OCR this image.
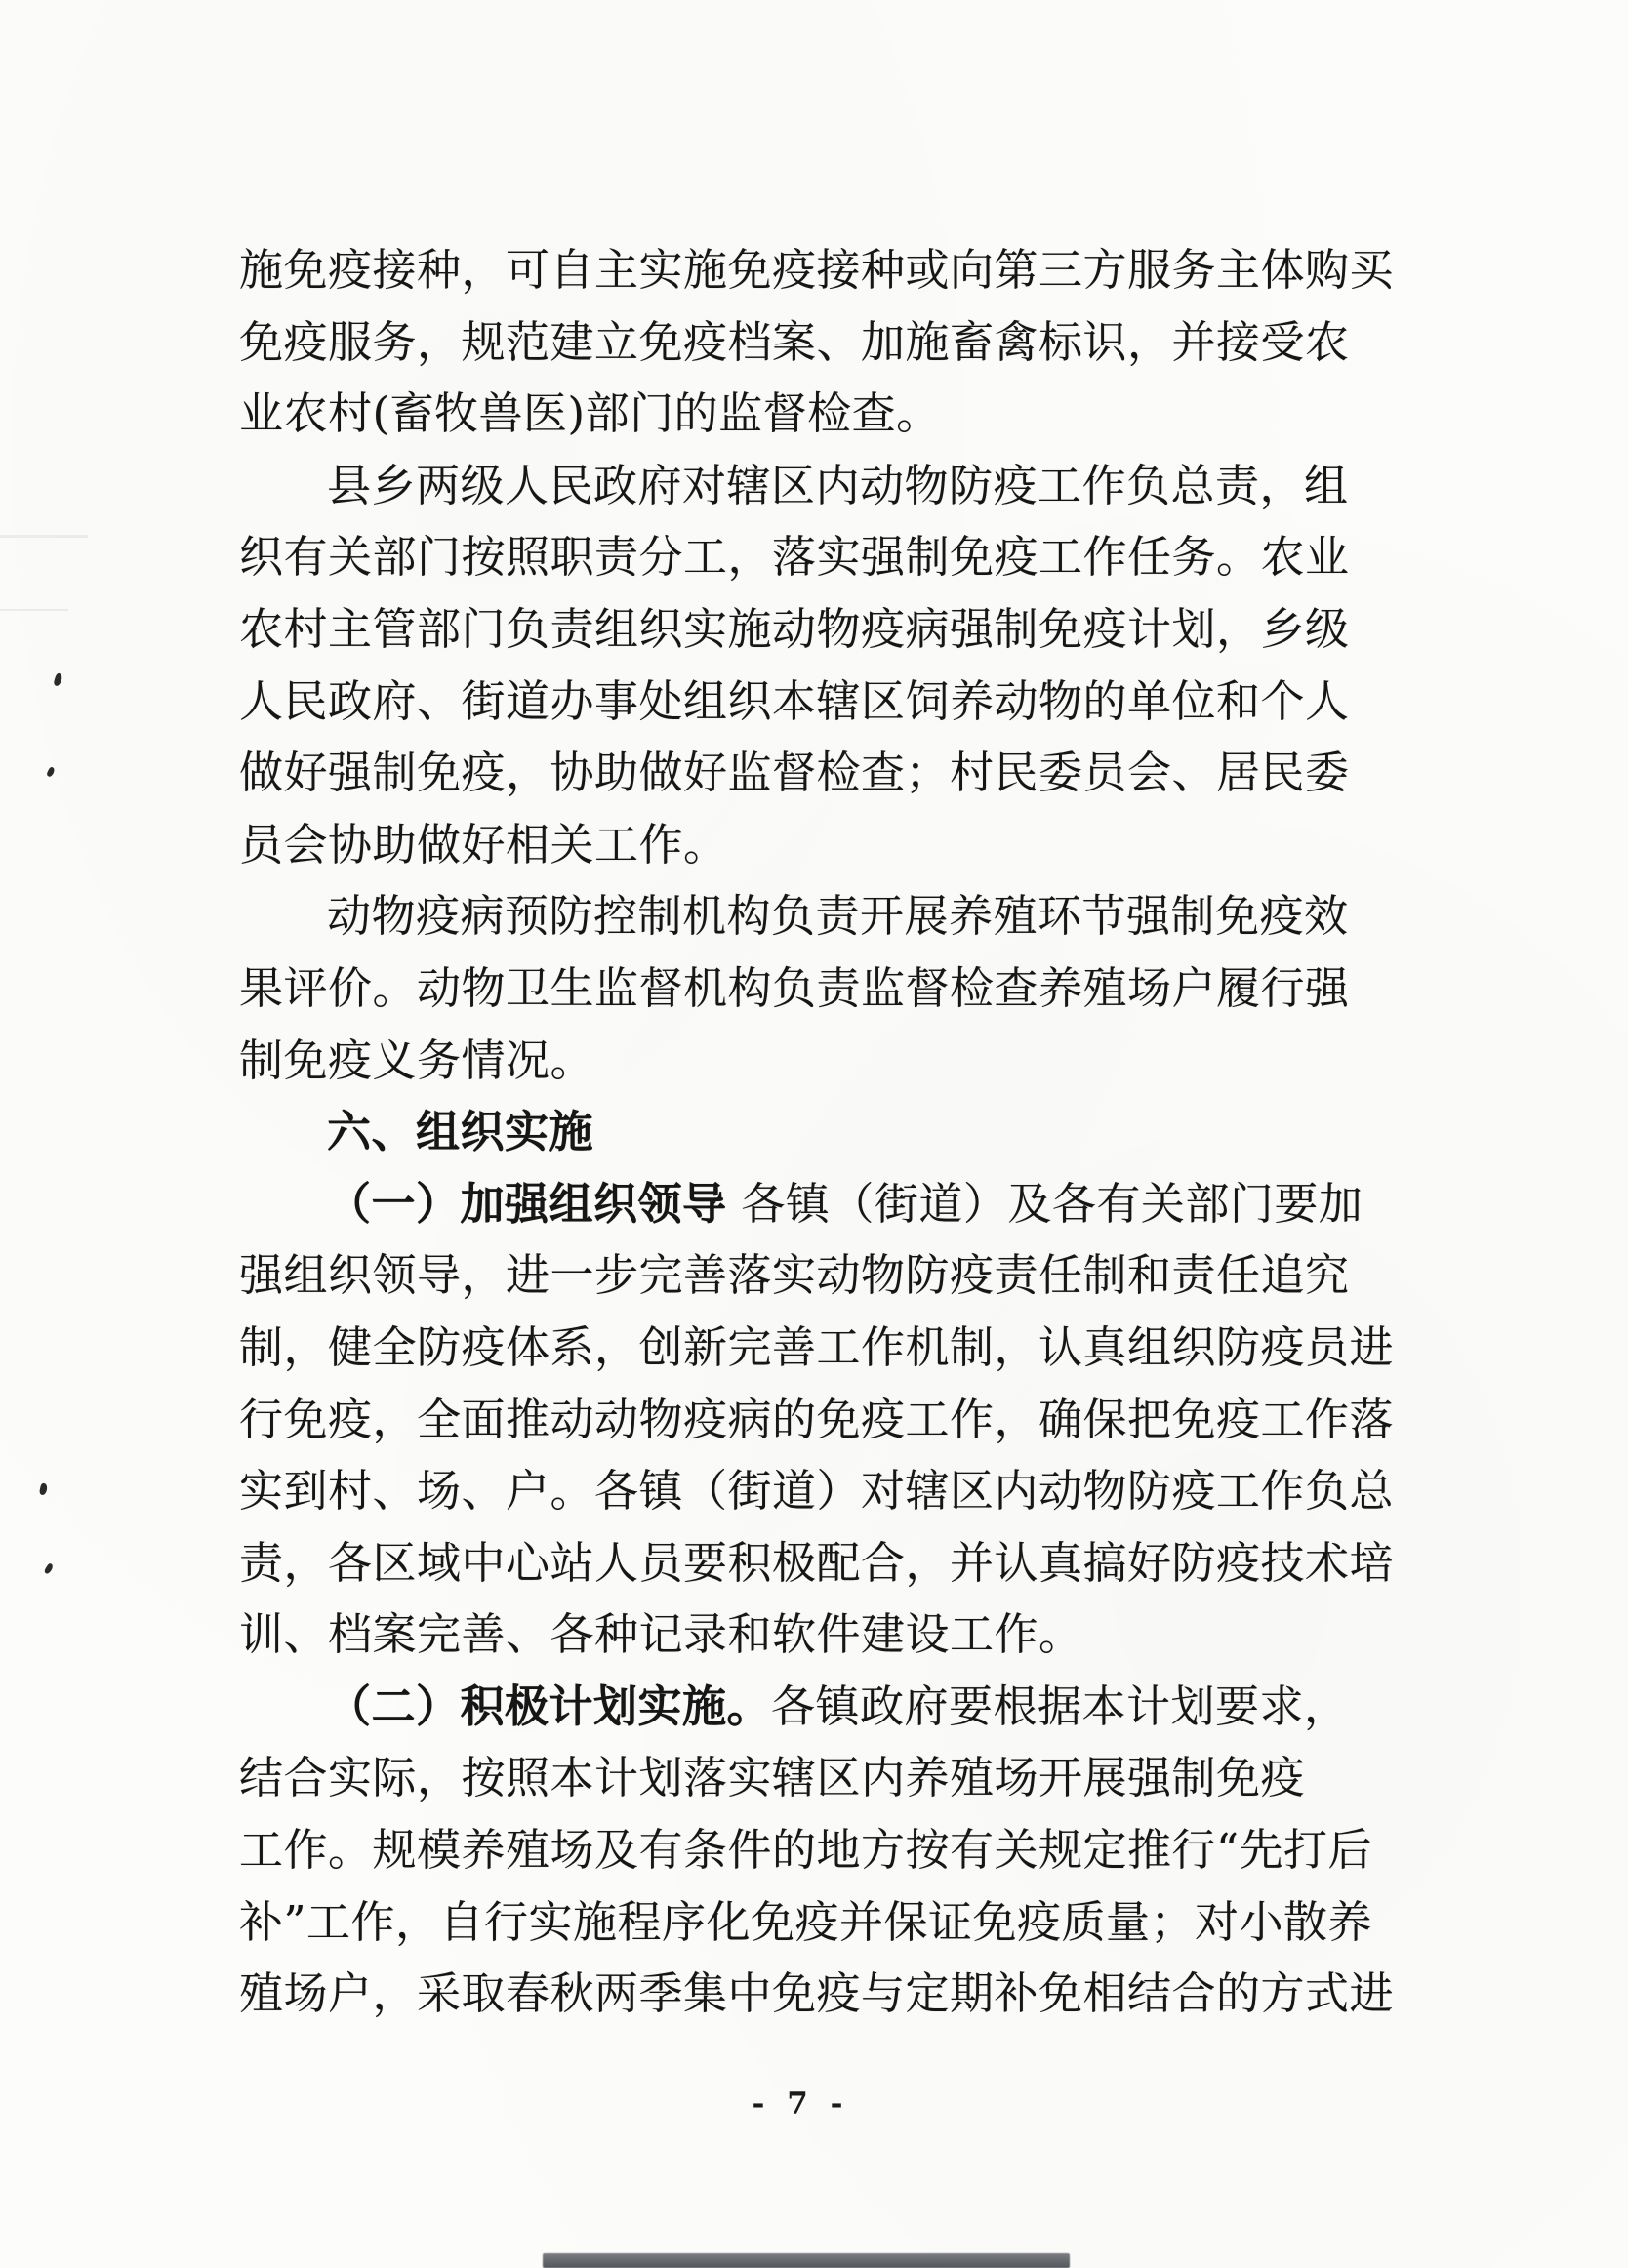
施免疫接种，可自主实施免疫接种或向第三方服务主体购买
免疫服务，规范建立免疫档案、加施畜禽标识，并接受农
业农村(畜牧兽医)部门的监督检查。
县乡两级人民政府对辖区内动物防疫工作负总责，组
织有关部门按照职责分工，落实强制免疫工作任务。农业
农村主管部门负责组织实施动物疫病强制免疫计划，乡级
人民政府、街道办事处组织本辖区饲养动物的单位和个人
做好强制免疫，协助做好监督检查；村民委员会、居民委
员会协助做好相关工作。
动物疫病预防控制机构负责开展养殖环节强制免疫效
果评价。动物卫生监督机构负责监督检查养殖场户履行强
制免疫义务情况。
六、组织实施
（一）加强组织领导 各镇（街道）及各有关部门要加
强组织领导，进一步完善落实动物防疫责任制和责任追究
制，健全防疫体系，创新完善工作机制，认真组织防疫员进
行免疫，全面推动动物疫病的免疫工作，确保把免疫工作落
实到村、场、户。各镇（街道）对辖区内动物防疫工作负总
责，各区域中心站人员要积极配合，并认真搞好防疫技术培
训、档案完善、各种记录和软件建设工作。
（二）积极计划实施。各镇政府要根据本计划要求，
结合实际，按照本计划落实辖区内养殖场开展强制免疫
工作。规模养殖场及有条件的地方按有关规定推行“先打后
补”工作，自行实施程序化免疫并保证免疫质量；对小散养
殖场户，采取春秋两季集中免疫与定期补免相结合的方式进
- 7 -
